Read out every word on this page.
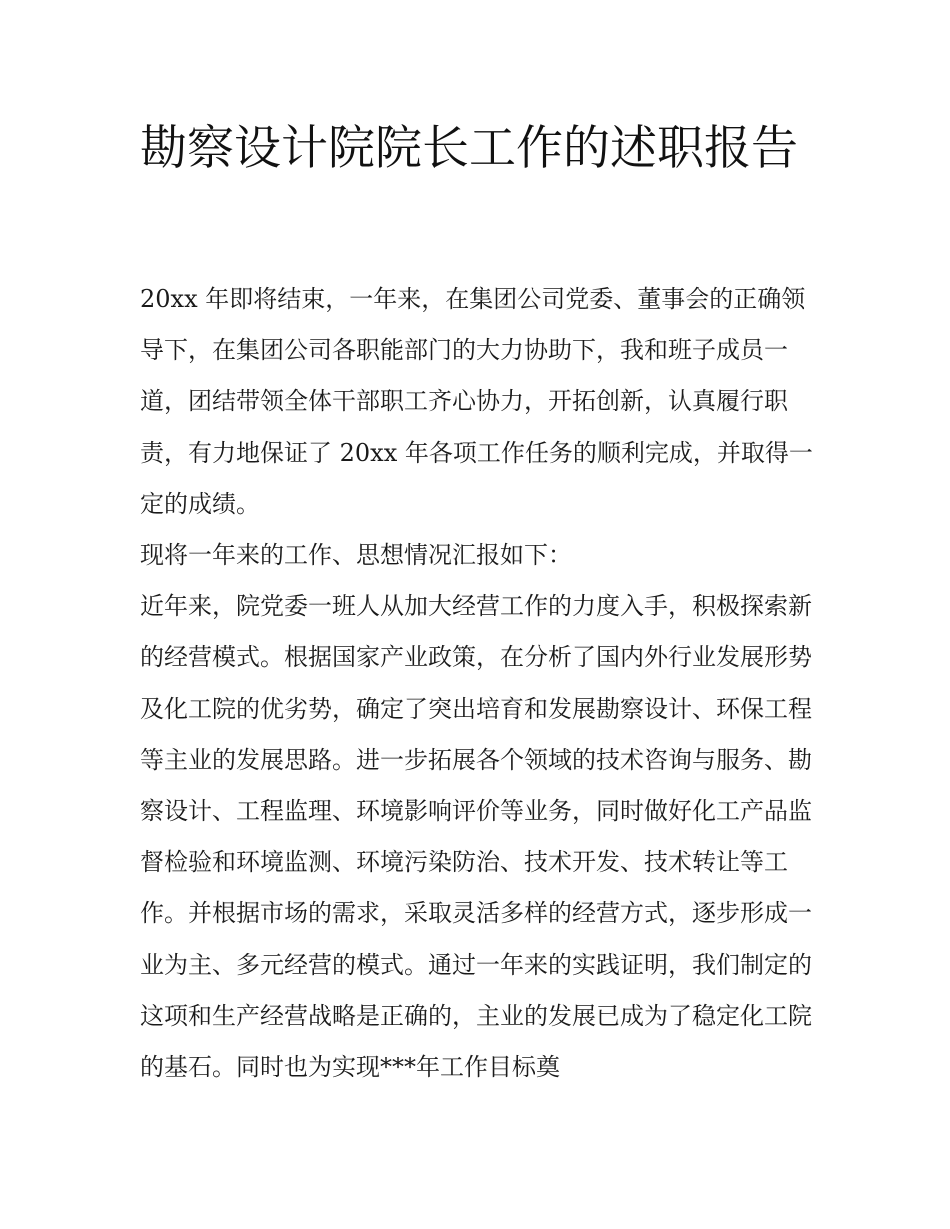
勘察设计院院长工作的述职报告

20xx 年即将结束，一年来，在集团公司党委、董事会的正确领导下，在集团公司各职能部门的大力协助下，我和班子成员一道，团结带领全体干部职工齐心协力，开拓创新，认真履行职责，有力地保证了 20xx 年各项工作任务的顺利完成，并取得一定的成绩。

现将一年来的工作、思想情况汇报如下：

近年来，院党委一班人从加大经营工作的力度入手，积极探索新的经营模式。根据国家产业政策，在分析了国内外行业发展形势及化工院的优劣势，确定了突出培育和发展勘察设计、环保工程等主业的发展思路。进一步拓展各个领域的技术咨询与服务、勘察设计、工程监理、环境影响评价等业务，同时做好化工产品监督检验和环境监测、环境污染防治、技术开发、技术转让等工作。并根据市场的需求，采取灵活多样的经营方式，逐步形成一业为主、多元经营的模式。通过一年来的实践证明，我们制定的这项和生产经营战略是正确的，主业的发展已成为了稳定化工院的基石。同时也为实现***年工作目标奠
